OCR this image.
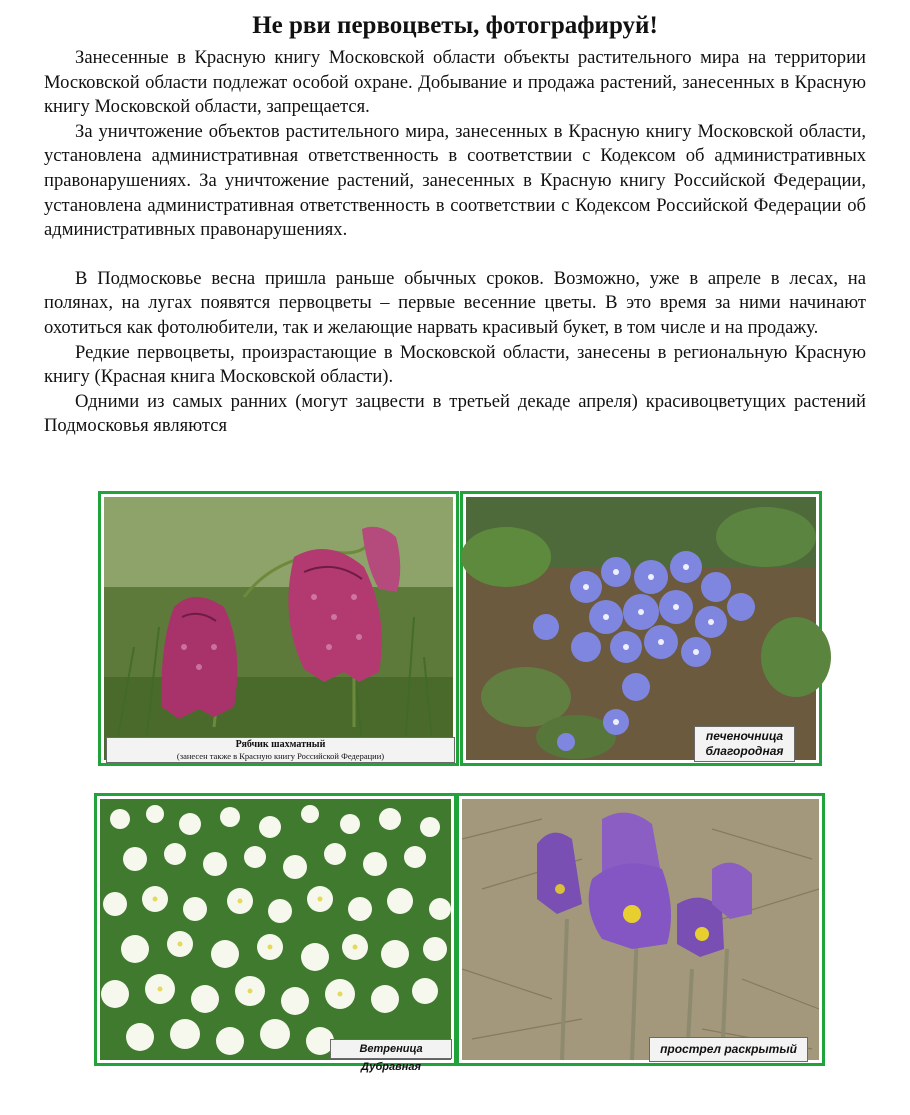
Не рви первоцветы, фотографируй!

Занесенные в Красную книгу Московской области объекты растительного мира на территории Московской области подлежат особой охране. Добывание и продажа растений, занесенных в Красную книгу Московской области, запрещается.

За уничтожение объектов растительного мира, занесенных в Красную книгу Московской области, установлена административная ответственность в соответствии с Кодексом об административных правонарушениях. За уничтожение растений, занесенных в Красную книгу Российской Федерации, установлена административная ответственность в соответствии с Кодексом Российской Федерации об административных правонарушениях.

В Подмосковье весна пришла раньше обычных сроков. Возможно, уже в апреле в лесах, на полянах, на лугах появятся первоцветы – первые весенние цветы. В это время за ними начинают охотиться как фотолюбители, так и желающие нарвать красивый букет, в том числе и на продажу.

Редкие первоцветы, произрастающие в Московской области, занесены в региональную Красную книгу (Красная книга Московской области).

Одними из самых ранних (могут зацвести в третьей декаде апреля) красивоцветущих растений Подмосковья являются

Рябчик шахматный
(занесен также в Красную книгу Российской Федерации)
печеночница
благородная
Ветреница Дубравная
прострел раскрытый
